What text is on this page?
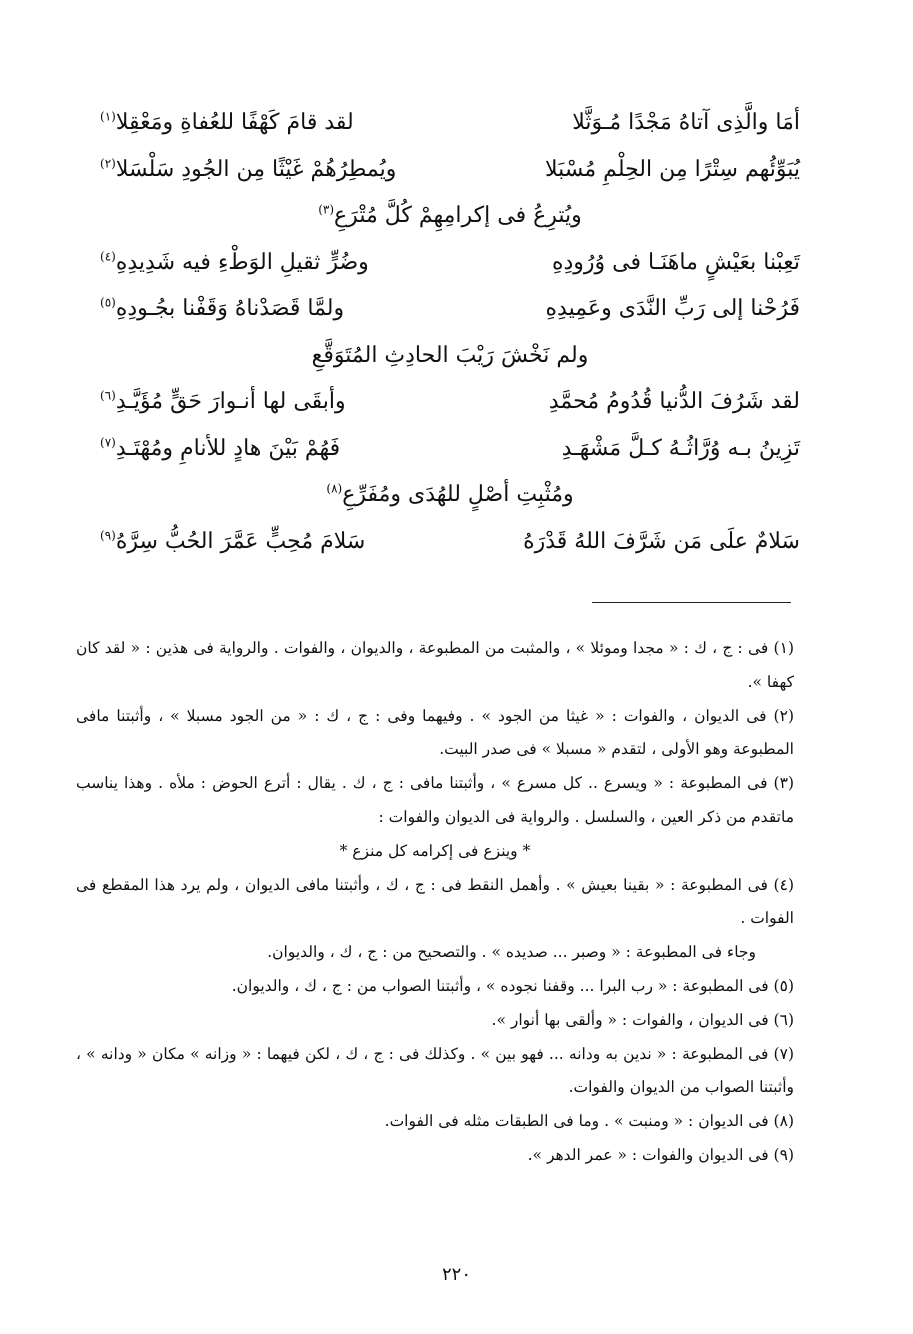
أمَا والَّذِى آتاهُ مَجْدًا مُـوَثَّلا
لقد قامَ كَهْفًا للعُفاةِ ومَعْقِلا$^{(١)}$
يُبَوِّئُهم سِتْرًا مِن الحِلْمِ مُسْبَلا
ويُمطِرُهُمْ غَيْثًا مِن الجُودِ سَلْسَلا$^{(٢)}$
ويُترِعُ فى إكرامِهِمْ كُلَّ مُتْرَعِ$^{(٣)}$
تَعِبْنا بعَيْشٍ ماهَنَـا فى وُرُودِهِ
وضُرٍّ ثقيلِ الوَطْءِ فيه شَدِيدِهِ$^{(٤)}$
فَرُحْنا إلى رَبِّ النَّدَى وعَمِيدِهِ
ولمَّا قَصَدْناهُ وَقَفْنا بجُـودِهِ$^{(٥)}$
ولم نَخْشَ رَيْبَ الحادِثِ المُتَوَقَّعِ
لقد شَرُفَ الدُّنيا قُدُومُ مُحمَّدِ
وأبقَى لها أنـوارَ حَقٍّ مُؤَيَّـدِ$^{(٦)}$
تَزِينُ بـه وُرَّاثُـهُ كـلَّ مَشْهَـدِ
فَهُمْ بَيْنَ هادٍ للأنامِ ومُهْتَـدِ$^{(٧)}$
ومُثْبِتِ أصْلٍ للهُدَى ومُفَرِّعِ$^{(٨)}$
سَلامٌ علَى مَن شَرَّفَ اللهُ قَدْرَهُ
سَلامَ مُحِبٍّ عَمَّرَ الحُبُّ سِرَّهُ$^{(٩)}$

(١) فى : ج ، ك : « مجدا وموئلا » ، والمثبت من المطبوعة ، والديوان ، والفوات . والرواية فى هذين : « لقد كان كهفا ».

(٢) فى الديوان ، والفوات : « غيثا من الجود » . وفيهما وفى : ج ، ك : « من الجود مسبلا » ، وأثبتنا مافى المطبوعة وهو الأولى ، لتقدم « مسبلا » فى صدر البيت.

(٣) فى المطبوعة : « ويسرع .. كل مسرع » ، وأثبتنا مافى : ج ، ك . يقال : أترع الحوض : ملأه . وهذا يناسب ماتقدم من ذكر العين ، والسلسل . والرواية فى الديوان والفوات :

* وينزع فى إكرامه كل منزع *

(٤) فى المطبوعة : « بقينا بعيش » . وأهمل النقط فى : ج ، ك ، وأثبتنا مافى الديوان ، ولم يرد هذا المقطع فى الفوات .

وجاء فى المطبوعة : « وصبر ... صديده » . والتصحيح من : ج ، ك ، والديوان.

(٥) فى المطبوعة : « رب البرا ... وقفنا نجوده » ، وأثبتنا الصواب من : ج ، ك ، والديوان.

(٦) فى الديوان ، والفوات : « وألقى بها أنوار ».

(٧) فى المطبوعة : « ندين به ودانه ... فهو بين » . وكذلك فى : ج ، ك ، لكن فيهما : « وزانه » مكان « ودانه » ، وأثبتنا الصواب من الديوان والفوات.

(٨) فى الديوان : « ومنبت » . وما فى الطبقات مثله فى الفوات.

(٩) فى الديوان والفوات : « عمر الدهر ».

٢٢٠
